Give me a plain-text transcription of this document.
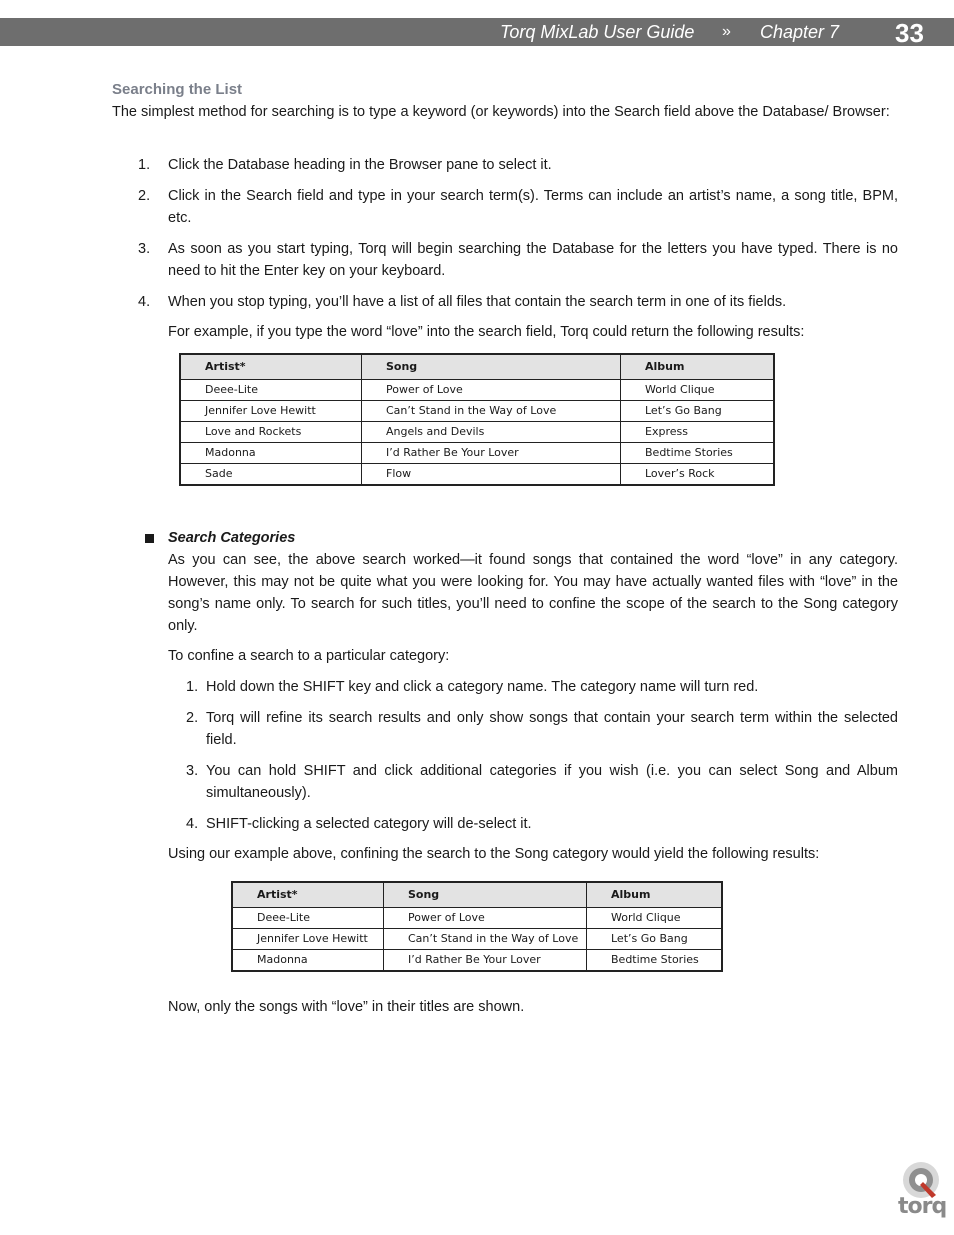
Torq MixLab User Guide » Chapter 7 33
Searching the List
The simplest method for searching is to type a keyword (or keywords) into the Search field above the Database/ Browser:
1. Click the Database heading in the Browser pane to select it.
2. Click in the Search field and type in your search term(s). Terms can include an artist’s name, a song title, BPM, etc.
3. As soon as you start typing, Torq will begin searching the Database for the letters you have typed. There is no need to hit the Enter key on your keyboard.
4. When you stop typing, you’ll have a list of all files that contain the search term in one of its fields.
For example, if you type the word “love” into the search field, Torq could return the following results:
Artist*	Song	Album
Deee-Lite	Power of Love	World Clique
Jennifer Love Hewitt	Can’t Stand in the Way of Love	Let’s Go Bang
Love and Rockets	Angels and Devils	Express
Madonna	I’d Rather Be Your Lover	Bedtime Stories
Sade	Flow	Lover’s Rock
Search Categories
As you can see, the above search worked—it found songs that contained the word “love” in any category. However, this may not be quite what you were looking for. You may have actually wanted files with “love” in the song’s name only. To search for such titles, you’ll need to confine the scope of the search to the Song category only.
To confine a search to a particular category:
1. Hold down the SHIFT key and click a category name. The category name will turn red.
2. Torq will refine its search results and only show songs that contain your search term within the selected field.
3. You can hold SHIFT and click additional categories if you wish (i.e. you can select Song and Album simultaneously).
4. SHIFT-clicking a selected category will de-select it.
Using our example above, confining the search to the Song category would yield the following results:
Artist*	Song	Album
Deee-Lite	Power of Love	World Clique
Jennifer Love Hewitt	Can’t Stand in the Way of Love	Let’s Go Bang
Madonna	I’d Rather Be Your Lover	Bedtime Stories
Now, only the songs with “love” in their titles are shown.
torq
